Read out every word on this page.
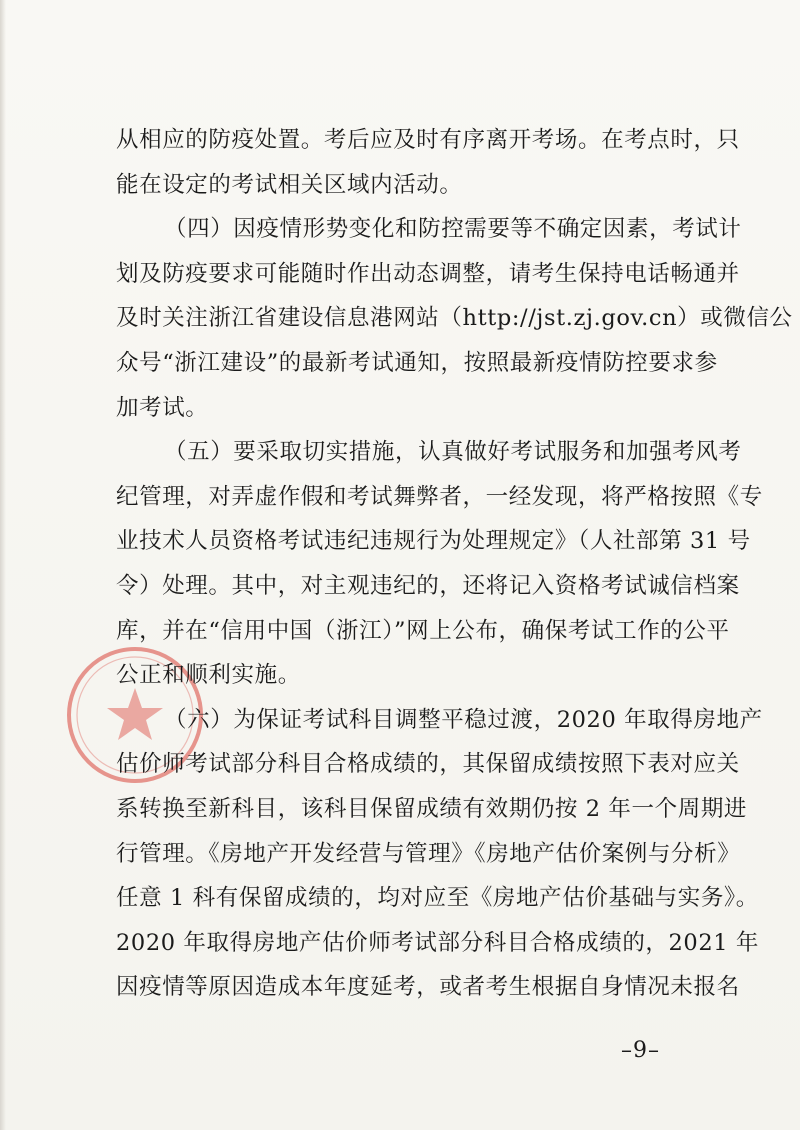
从相应的防疫处置。考后应及时有序离开考场。在考点时，只
能在设定的考试相关区域内活动。
（四）因疫情形势变化和防控需要等不确定因素，考试计
划及防疫要求可能随时作出动态调整，请考生保持电话畅通并
及时关注浙江省建设信息港网站（http://jst.zj.gov.cn）或微信公
众号“浙江建设”的最新考试通知，按照最新疫情防控要求参
加考试。
（五）要采取切实措施，认真做好考试服务和加强考风考
纪管理，对弄虚作假和考试舞弊者，一经发现，将严格按照《专
业技术人员资格考试违纪违规行为处理规定》（人社部第 31 号
令）处理。其中，对主观违纪的，还将记入资格考试诚信档案
库，并在“信用中国（浙江）”网上公布，确保考试工作的公平
公正和顺利实施。
（六）为保证考试科目调整平稳过渡，2020 年取得房地产
估价师考试部分科目合格成绩的，其保留成绩按照下表对应关
系转换至新科目，该科目保留成绩有效期仍按 2 年一个周期进
行管理。《房地产开发经营与管理》《房地产估价案例与分析》
任意 1 科有保留成绩的，均对应至《房地产估价基础与实务》。
2020 年取得房地产估价师考试部分科目合格成绩的，2021 年
因疫情等原因造成本年度延考，或者考生根据自身情况未报名
–9–
